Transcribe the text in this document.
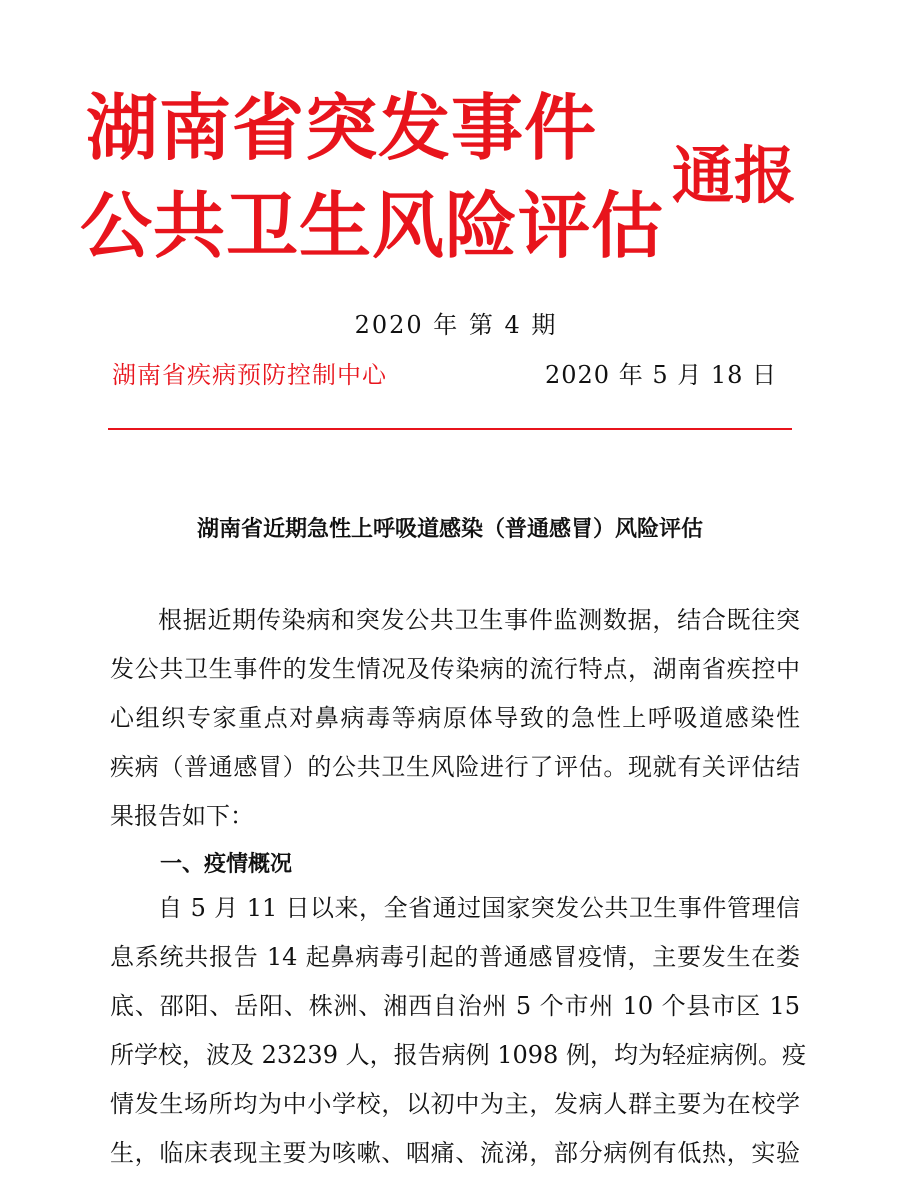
湖南省突发事件
公共卫生风险评估
通报

2020 年 第 4 期

湖南省疾病预防控制中心	2020 年 5 月 18 日

湖南省近期急性上呼吸道感染（普通感冒）风险评估
根据近期传染病和突发公共卫生事件监测数据，结合既往突
发公共卫生事件的发生情况及传染病的流行特点，湖南省疾控中
心组织专家重点对鼻病毒等病原体导致的急性上呼吸道感染性
疾病（普通感冒）的公共卫生风险进行了评估。现就有关评估结
果报告如下：
一、疫情概况
自 5 月 11 日以来，全省通过国家突发公共卫生事件管理信
息系统共报告 14 起鼻病毒引起的普通感冒疫情，主要发生在娄
底、邵阳、岳阳、株洲、湘西自治州 5 个市州 10 个县市区 15
所学校，波及 23239 人，报告病例 1098 例，均为轻症病例。疫
情发生场所均为中小学校，以初中为主，发病人群主要为在校学
生，临床表现主要为咳嗽、咽痛、流涕，部分病例有低热，实验
